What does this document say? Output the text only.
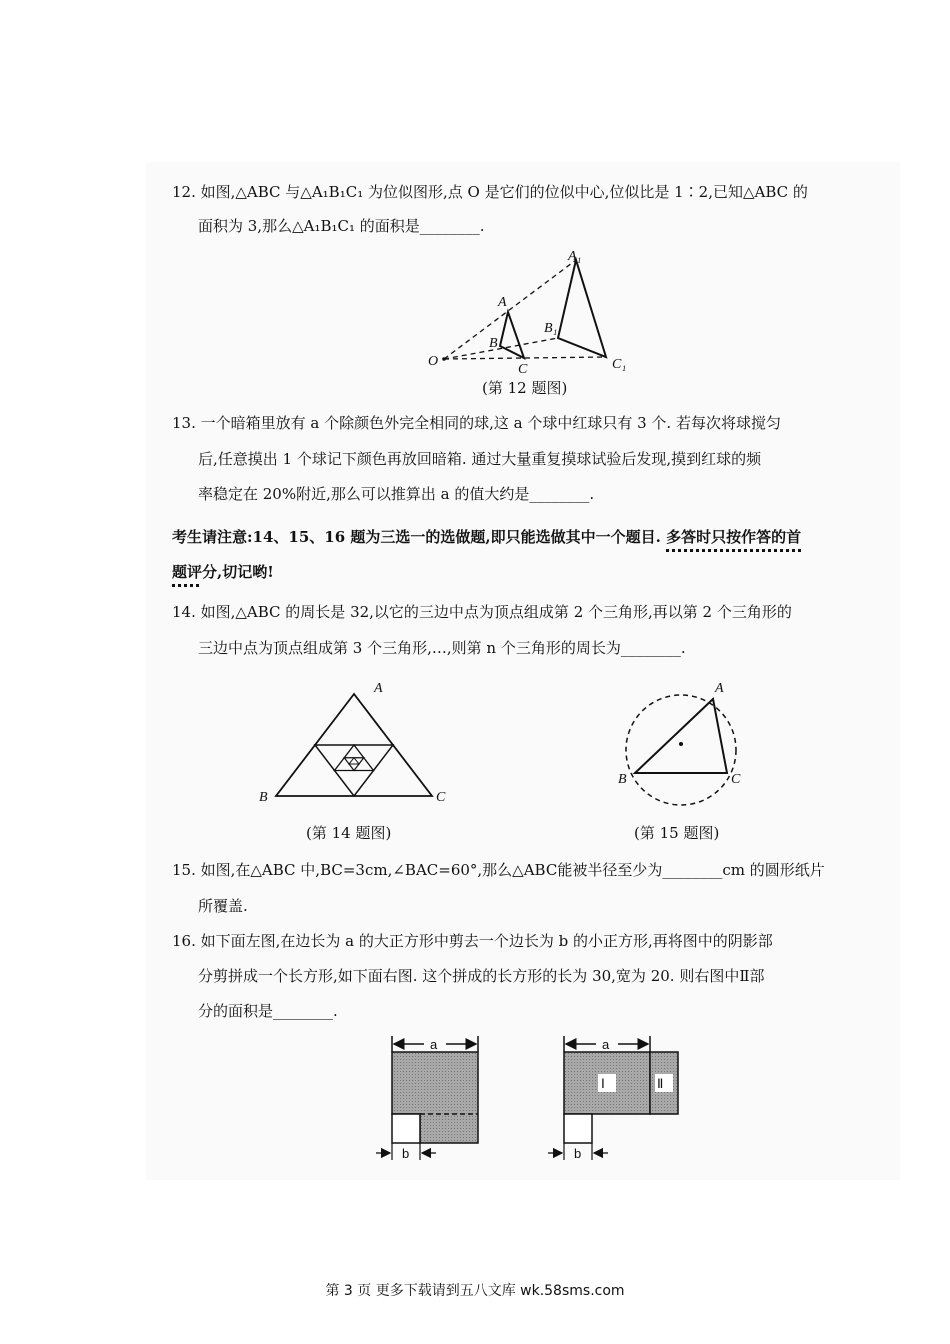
12. 如图,△ABC 与△A₁B₁C₁ 为位似图形,点 O 是它们的位似中心,位似比是 1∶2,已知△ABC 的
面积为 3,那么△A₁B₁C₁ 的面积是________.
A₁
A
B₁
B
O
C	C₁
(第 12 题图)
13. 一个暗箱里放有 a 个除颜色外完全相同的球,这 a 个球中红球只有 3 个. 若每次将球搅匀
后,任意摸出 1 个球记下颜色再放回暗箱. 通过大量重复摸球试验后发现,摸到红球的频
率稳定在 20%附近,那么可以推算出 a 的值大约是________.
考生请注意:14、15、16 题为三选一的选做题,即只能选做其中一个题目. 多答时只按作答的首
题评分,切记哟!
14. 如图,△ABC 的周长是 32,以它的三边中点为顶点组成第 2 个三角形,再以第 2 个三角形的
三边中点为顶点组成第 3 个三角形,…,则第 n 个三角形的周长为________.
A
B	C
(第 14 题图)
A
B	C
(第 15 题图)
15. 如图,在△ABC 中,BC=3cm,∠BAC=60°,那么△ABC能被半径至少为________cm 的圆形纸片
所覆盖.
16. 如下面左图,在边长为 a 的大正方形中剪去一个边长为 b 的小正方形,再将图中的阴影部
分剪拼成一个长方形,如下面右图. 这个拼成的长方形的长为 30,宽为 20. 则右图中Ⅱ部
分的面积是________.
a
b
a
Ⅰ	Ⅱ
b
第 3 页 更多下载请到五八文库 wk.58sms.com
